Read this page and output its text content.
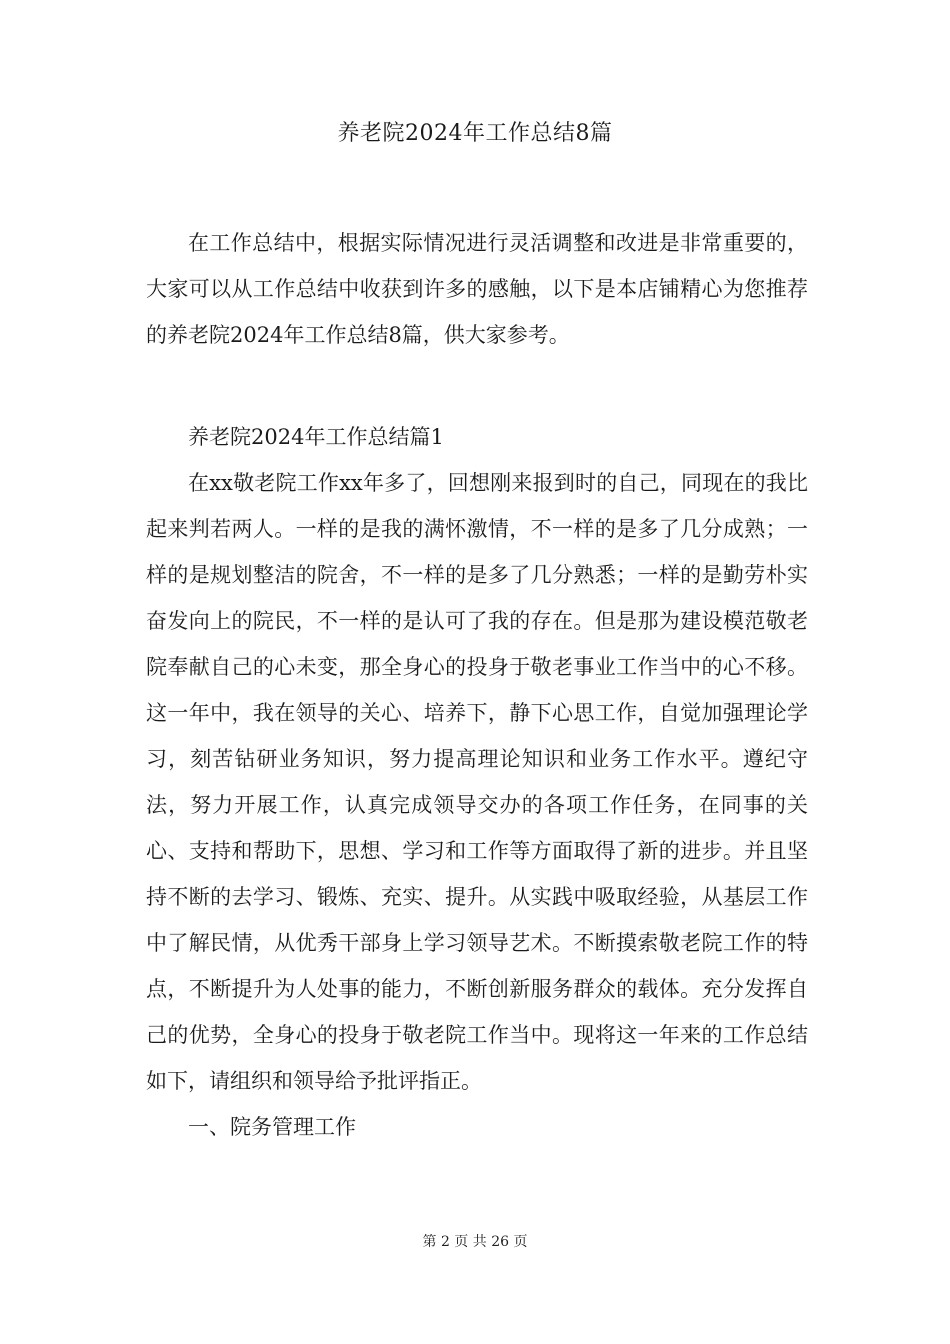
养老院2024年工作总结8篇
在工作总结中，根据实际情况进行灵活调整和改进是非常重要的，大家可以从工作总结中收获到许多的感触，以下是本店铺精心为您推荐的养老院2024年工作总结8篇，供大家参考。

养老院2024年工作总结篇1

在xx敬老院工作xx年多了，回想刚来报到时的自己，同现在的我比起来判若两人。一样的是我的满怀激情，不一样的是多了几分成熟；一样的是规划整洁的院舍，不一样的是多了几分熟悉；一样的是勤劳朴实奋发向上的院民，不一样的是认可了我的存在。但是那为建设模范敬老院奉献自己的心未变，那全身心的投身于敬老事业工作当中的心不移。这一年中，我在领导的关心、培养下，静下心思工作，自觉加强理论学习，刻苦钻研业务知识，努力提高理论知识和业务工作水平。遵纪守法，努力开展工作，认真完成领导交办的各项工作任务，在同事的关心、支持和帮助下，思想、学习和工作等方面取得了新的进步。并且坚持不断的去学习、锻炼、充实、提升。从实践中吸取经验，从基层工作中了解民情，从优秀干部身上学习领导艺术。不断摸索敬老院工作的特点，不断提升为人处事的能力，不断创新服务群众的载体。充分发挥自己的优势，全身心的投身于敬老院工作当中。现将这一年来的工作总结如下，请组织和领导给予批评指正。

一、院务管理工作

第 2 页 共 26 页
